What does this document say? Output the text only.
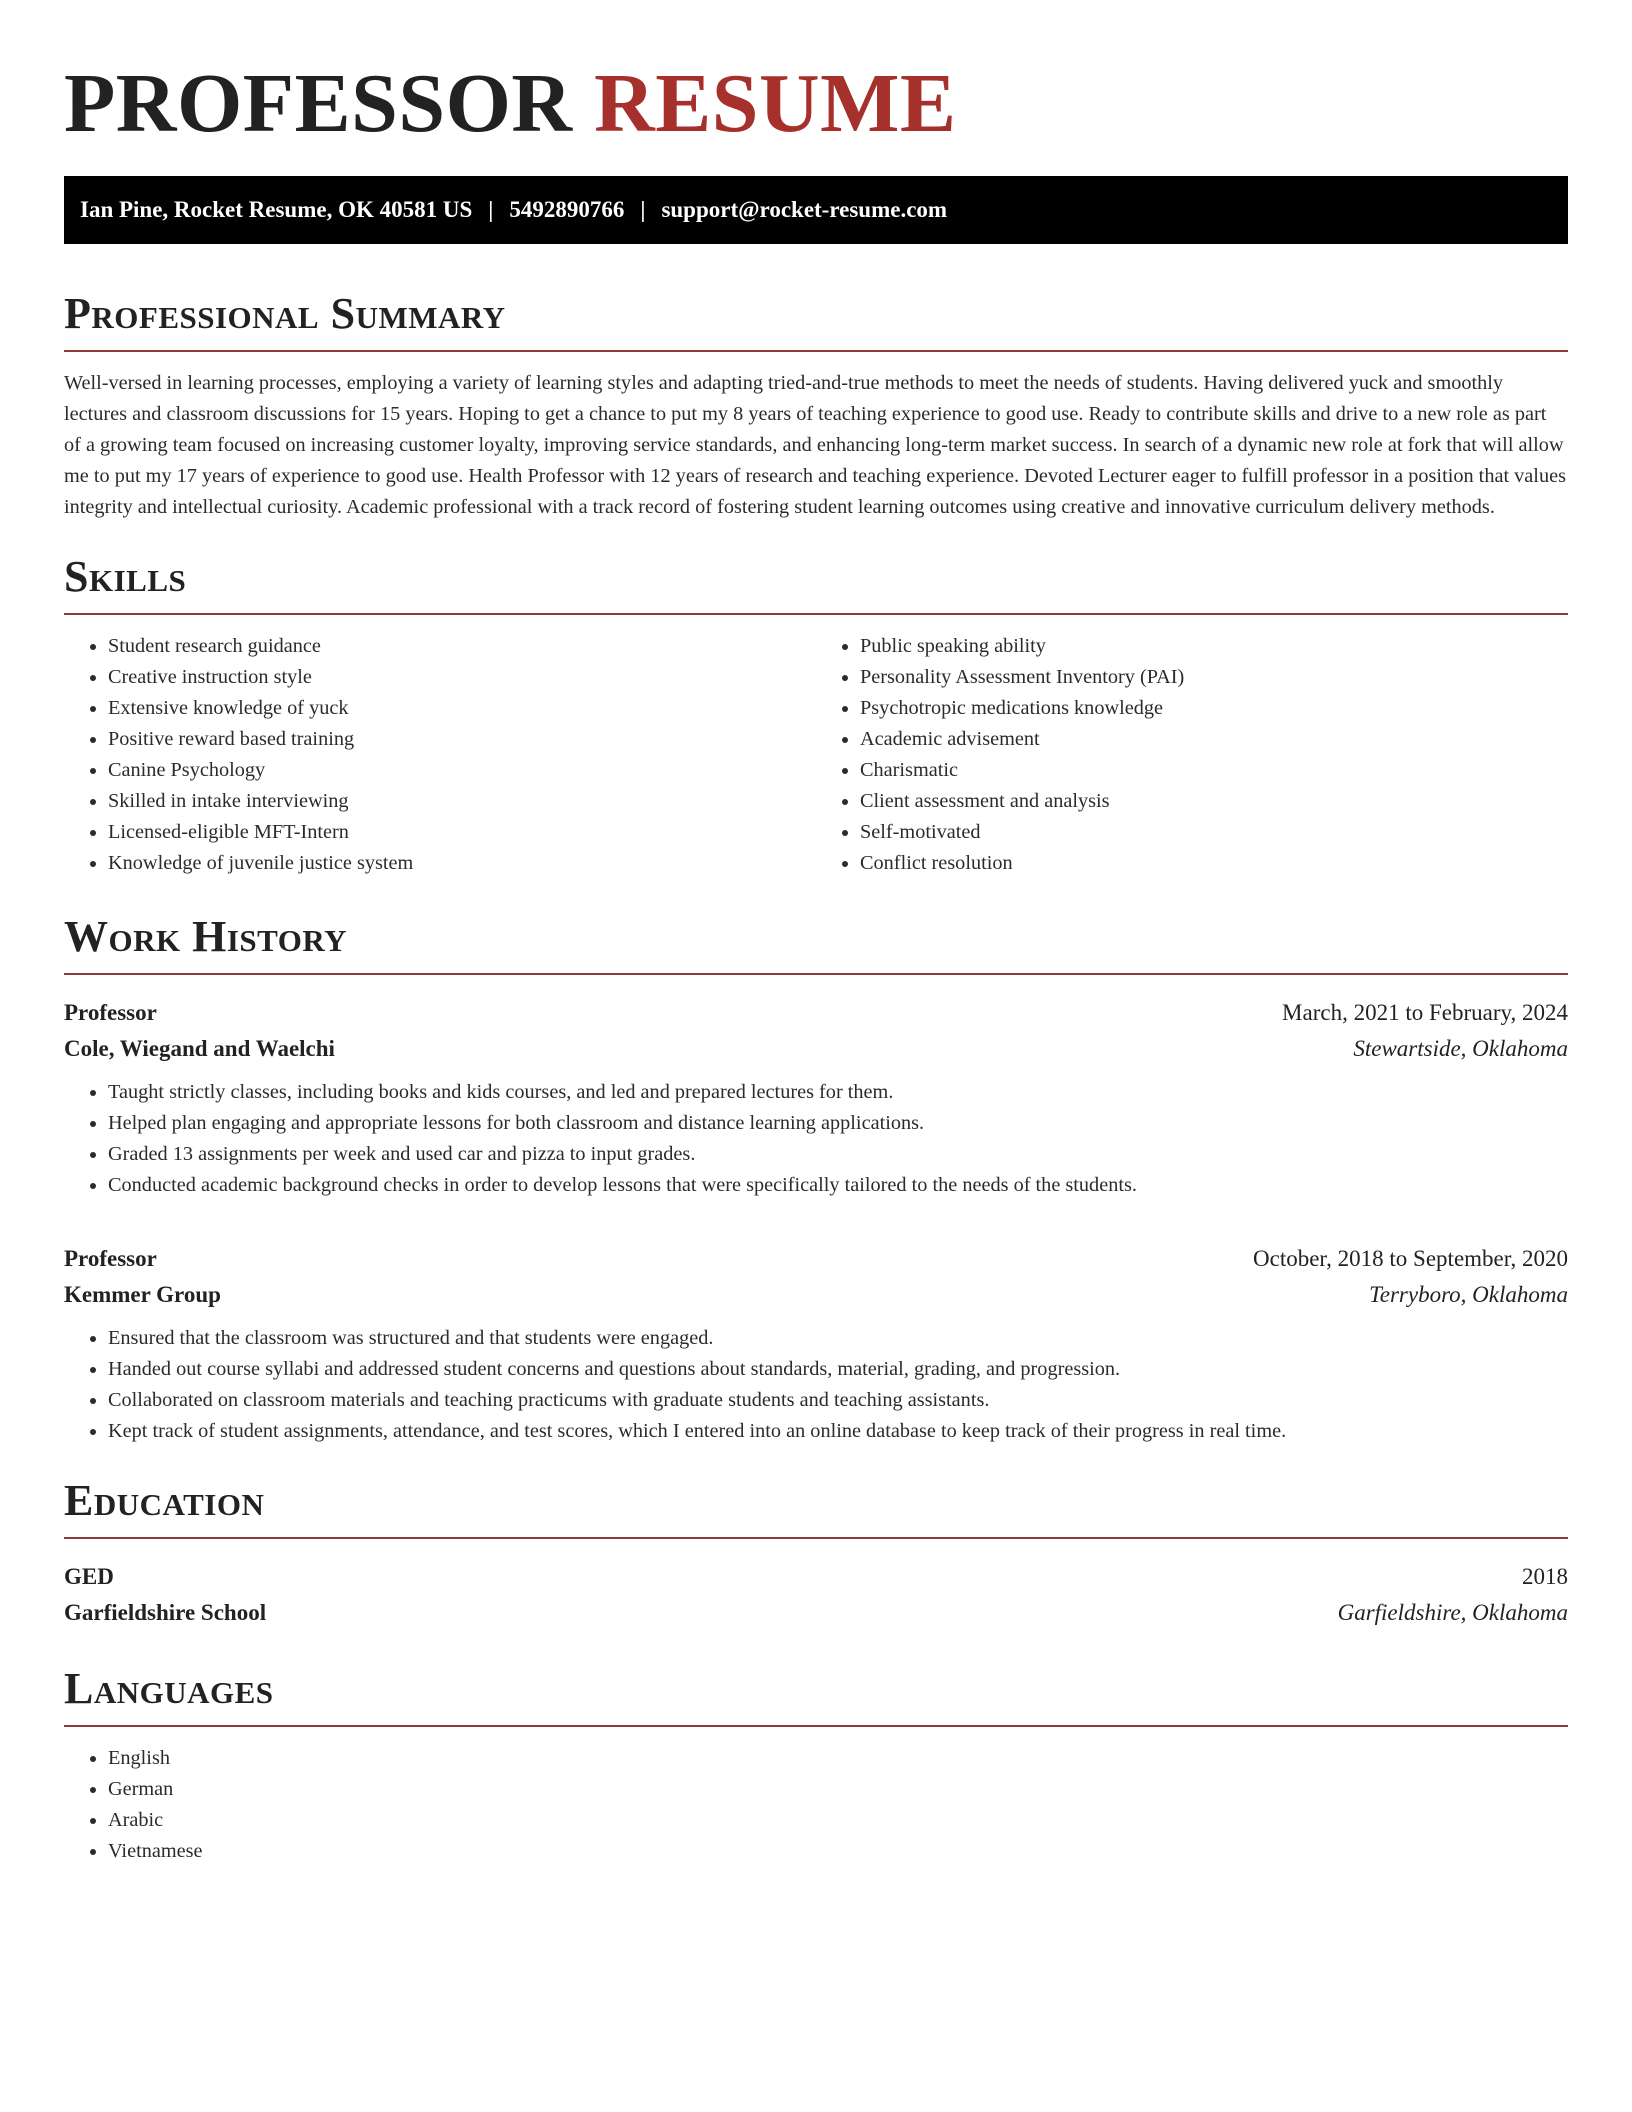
PROFESSOR RESUME
Ian Pine, Rocket Resume, OK 40581 US | 5492890766 | support@rocket-resume.com
Professional Summary

Well-versed in learning processes, employing a variety of learning styles and adapting tried-and-true methods to meet the needs of students. Having delivered yuck and smoothly lectures and classroom discussions for 15 years. Hoping to get a chance to put my 8 years of teaching experience to good use. Ready to contribute skills and drive to a new role as part of a growing team focused on increasing customer loyalty, improving service standards, and enhancing long-term market success. In search of a dynamic new role at fork that will allow me to put my 17 years of experience to good use. Health Professor with 12 years of research and teaching experience. Devoted Lecturer eager to fulfill professor in a position that values integrity and intellectual curiosity. Academic professional with a track record of fostering student learning outcomes using creative and innovative curriculum delivery methods.

Skills
• Student research guidance
• Creative instruction style
• Extensive knowledge of yuck
• Positive reward based training
• Canine Psychology
• Skilled in intake interviewing
• Licensed-eligible MFT-Intern
• Knowledge of juvenile justice system
• Public speaking ability
• Personality Assessment Inventory (PAI)
• Psychotropic medications knowledge
• Academic advisement
• Charismatic
• Client assessment and analysis
• Self-motivated
• Conflict resolution
Work History
Professor	March, 2021 to February, 2024
Cole, Wiegand and Waelchi	Stewartside, Oklahoma
• Taught strictly classes, including books and kids courses, and led and prepared lectures for them.
• Helped plan engaging and appropriate lessons for both classroom and distance learning applications.
• Graded 13 assignments per week and used car and pizza to input grades.
• Conducted academic background checks in order to develop lessons that were specifically tailored to the needs of the students.
Professor	October, 2018 to September, 2020
Kemmer Group	Terryboro, Oklahoma
• Ensured that the classroom was structured and that students were engaged.
• Handed out course syllabi and addressed student concerns and questions about standards, material, grading, and progression.
• Collaborated on classroom materials and teaching practicums with graduate students and teaching assistants.
• Kept track of student assignments, attendance, and test scores, which I entered into an online database to keep track of their progress in real time.
Education
GED	2018
Garfieldshire School	Garfieldshire, Oklahoma
Languages
• English
• German
• Arabic
• Vietnamese
